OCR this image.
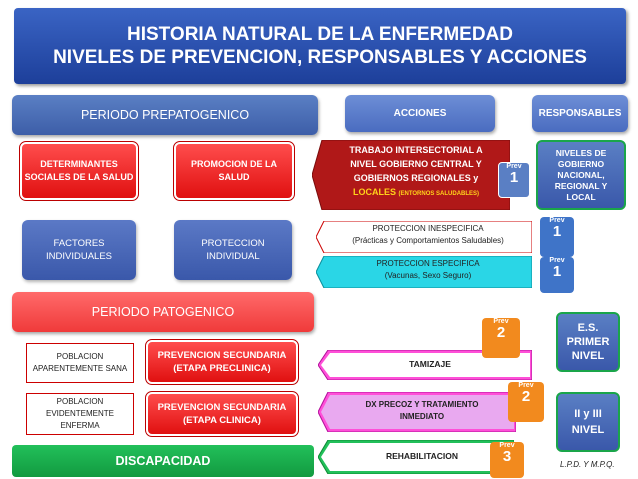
HISTORIA NATURAL DE LA ENFERMEDAD
NIVELES DE PREVENCION, RESPONSABLES Y ACCIONES
PERIODO PREPATOGENICO	ACCIONES	RESPONSABLES
DETERMINANTES SOCIALES DE LA SALUD
PROMOCION DE LA SALUD
FACTORES INDIVIDUALES
PROTECCION INDIVIDUAL
TRABAJO INTERSECTORIAL A
NIVEL GOBIERNO CENTRAL Y
GOBIERNOS REGIONALES y
LOCALES (ENTORNOS SALUDABLES)
PROTECCION INESPECIFICA
(Prácticas y Comportamientos Saludables)
PROTECCION ESPECIFICA
(Vacunas, Sexo Seguro)
PERIODO PATOGENICO
POBLACION APARENTEMENTE SANA
PREVENCION SECUNDARIA
(ETAPA PRECLINICA)	TAMIZAJE
POBLACION EVIDENTEMENTE ENFERMA
PREVENCION SECUNDARIA
(ETAPA CLINICA)
DX PRECOZ Y TRATAMIENTO
INMEDIATO
DISCAPACIDAD	REHABILITACION
Prev
1
Prev
1
Prev
1
Prev
2
Prev
2
Prev
3
NIVELES DE GOBIERNO NACIONAL, REGIONAL Y LOCAL
E.S.
PRIMER
NIVEL
II y III
NIVEL
L.P.D. Y M.P.Q.
